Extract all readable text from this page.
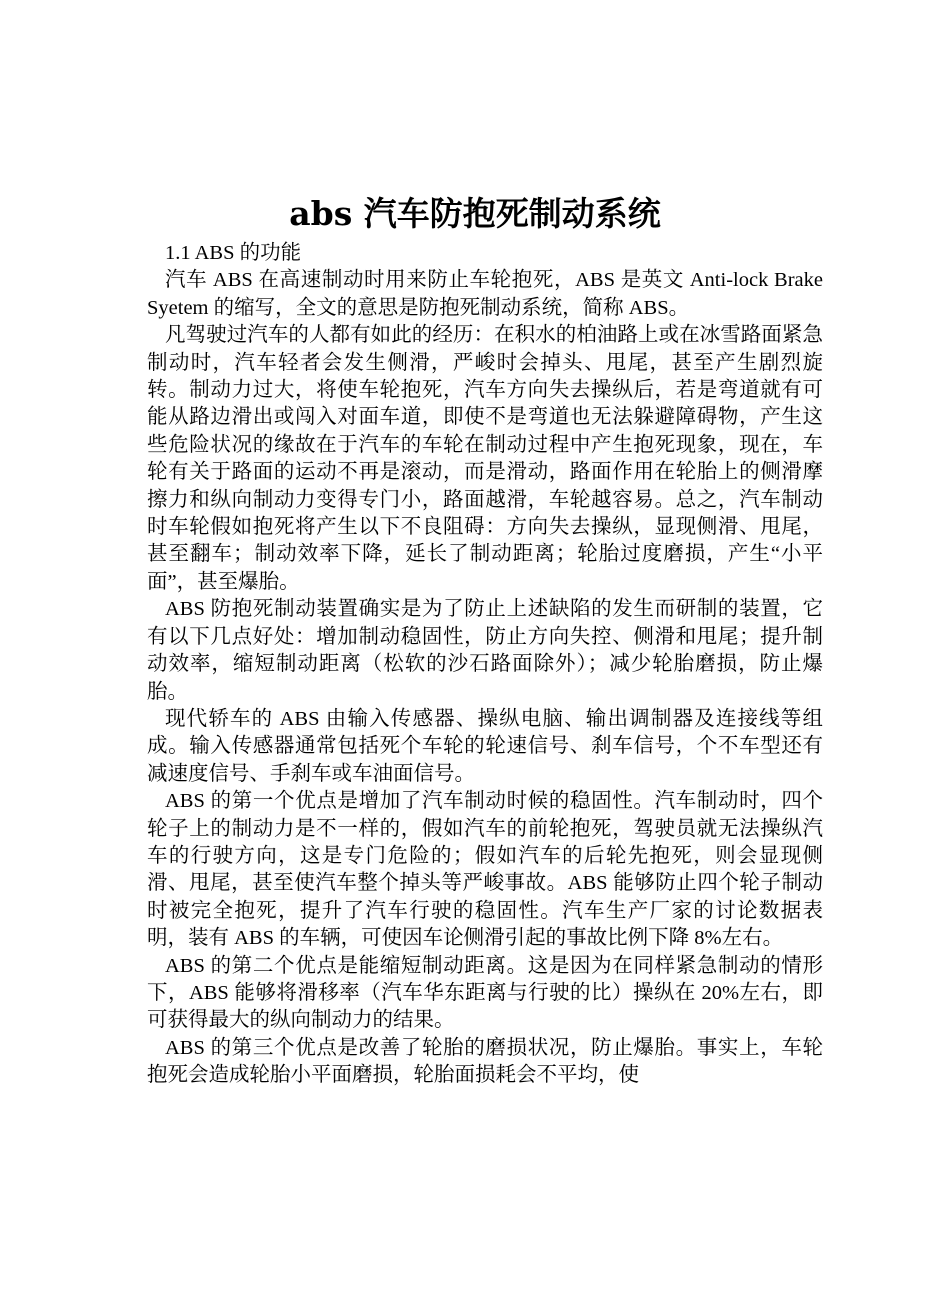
abs 汽车防抱死制动系统

1.1 ABS 的功能

汽车 ABS 在高速制动时用来防止车轮抱死，ABS 是英文 Anti-lock Brake Syetem 的缩写，全文的意思是防抱死制动系统，简称 ABS。

凡驾驶过汽车的人都有如此的经历：在积水的柏油路上或在冰雪路面紧急制动时，汽车轻者会发生侧滑，严峻时会掉头、甩尾，甚至产生剧烈旋转。制动力过大，将使车轮抱死，汽车方向失去操纵后，若是弯道就有可能从路边滑出或闯入对面车道，即使不是弯道也无法躲避障碍物，产生这些危险状况的缘故在于汽车的车轮在制动过程中产生抱死现象，现在，车轮有关于路面的运动不再是滚动，而是滑动，路面作用在轮胎上的侧滑摩擦力和纵向制动力变得专门小，路面越滑，车轮越容易。总之，汽车制动时车轮假如抱死将产生以下不良阻碍：方向失去操纵，显现侧滑、甩尾，甚至翻车；制动效率下降，延长了制动距离；轮胎过度磨损，产生“小平面”，甚至爆胎。

ABS 防抱死制动装置确实是为了防止上述缺陷的发生而研制的装置，它有以下几点好处：增加制动稳固性，防止方向失控、侧滑和甩尾；提升制动效率，缩短制动距离（松软的沙石路面除外）；减少轮胎磨损，防止爆胎。

现代轿车的 ABS 由输入传感器、操纵电脑、输出调制器及连接线等组成。输入传感器通常包括死个车轮的轮速信号、刹车信号，个不车型还有减速度信号、手刹车或车油面信号。

ABS 的第一个优点是增加了汽车制动时候的稳固性。汽车制动时，四个轮子上的制动力是不一样的，假如汽车的前轮抱死，驾驶员就无法操纵汽车的行驶方向，这是专门危险的；假如汽车的后轮先抱死，则会显现侧滑、甩尾，甚至使汽车整个掉头等严峻事故。ABS 能够防止四个轮子制动时被完全抱死，提升了汽车行驶的稳固性。汽车生产厂家的讨论数据表明，装有 ABS 的车辆，可使因车论侧滑引起的事故比例下降 8%左右。

ABS 的第二个优点是能缩短制动距离。这是因为在同样紧急制动的情形下，ABS 能够将滑移率（汽车华东距离与行驶的比）操纵在 20%左右，即可获得最大的纵向制动力的结果。

ABS 的第三个优点是改善了轮胎的磨损状况，防止爆胎。事实上，车轮抱死会造成轮胎小平面磨损，轮胎面损耗会不平均，使
